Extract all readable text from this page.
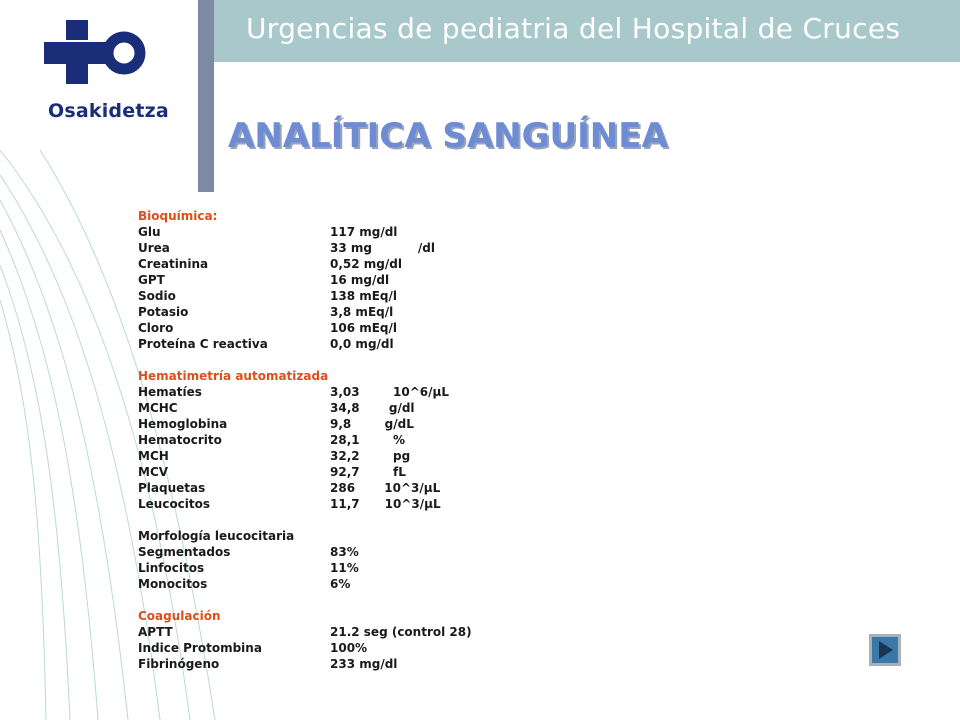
Osakidetza
Urgencias de pediatria del Hospital de Cruces
ANALÍTICA SANGUÍNEA
Bioquímica:
Glu	117 mg/dl
Urea	33 mg           /dl
Creatinina	0,52 mg/dl
GPT	16 mg/dl
Sodio	138 mEq/l
Potasio	3,8 mEq/l
Cloro	106 mEq/l
Proteína C reactiva	0,0 mg/dl
Hematimetría automatizada
Hematíes	3,03        10^6/µL
MCHC	34,8       g/dl
Hemoglobina	9,8        g/dL
Hematocrito	28,1        %
MCH	32,2        pg
MCV	92,7        fL
Plaquetas	286       10^3/µL
Leucocitos	11,7      10^3/µL
Morfología leucocitaria
Segmentados	83%
Linfocitos	11%
Monocitos	6%
Coagulación
APTT	21.2 seg (control 28)
Indice Protombina	100%
Fibrinógeno	233 mg/dl
